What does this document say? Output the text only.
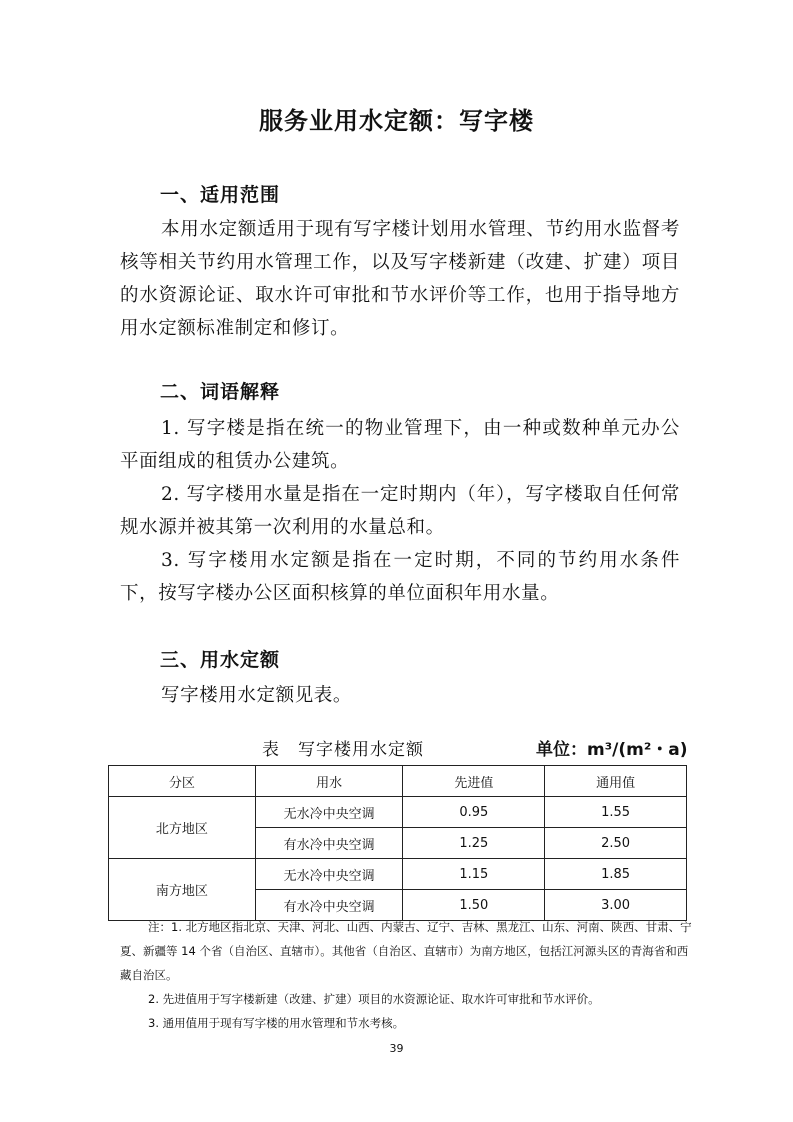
服务业用水定额：写字楼
一、适用范围

本用水定额适用于现有写字楼计划用水管理、节约用水监督考核等相关节约用水管理工作，以及写字楼新建（改建、扩建）项目的水资源论证、取水许可审批和节水评价等工作，也用于指导地方用水定额标准制定和修订。

二、词语解释

1. 写字楼是指在统一的物业管理下，由一种或数种单元办公平面组成的租赁办公建筑。

2. 写字楼用水量是指在一定时期内（年），写字楼取自任何常规水源并被其第一次利用的水量总和。

3. 写字楼用水定额是指在一定时期，不同的节约用水条件下，按写字楼办公区面积核算的单位面积年用水量。

三、用水定额

写字楼用水定额见表。

表 写字楼用水定额	单位：m³/(m²・a)
分区	用水	先进值	通用值
北方地区	无水冷中央空调	0.95	1.55
	有水冷中央空调	1.25	2.50
南方地区	无水冷中央空调	1.15	1.85
	有水冷中央空调	1.50	3.00

注：1. 北方地区指北京、天津、河北、山西、内蒙古、辽宁、吉林、黑龙江、山东、河南、陕西、甘肃、宁夏、新疆等 14 个省（自治区、直辖市）。其他省（自治区、直辖市）为南方地区，包括江河源头区的青海省和西藏自治区。

2. 先进值用于写字楼新建（改建、扩建）项目的水资源论证、取水许可审批和节水评价。

3. 通用值用于现有写字楼的用水管理和节水考核。

39
